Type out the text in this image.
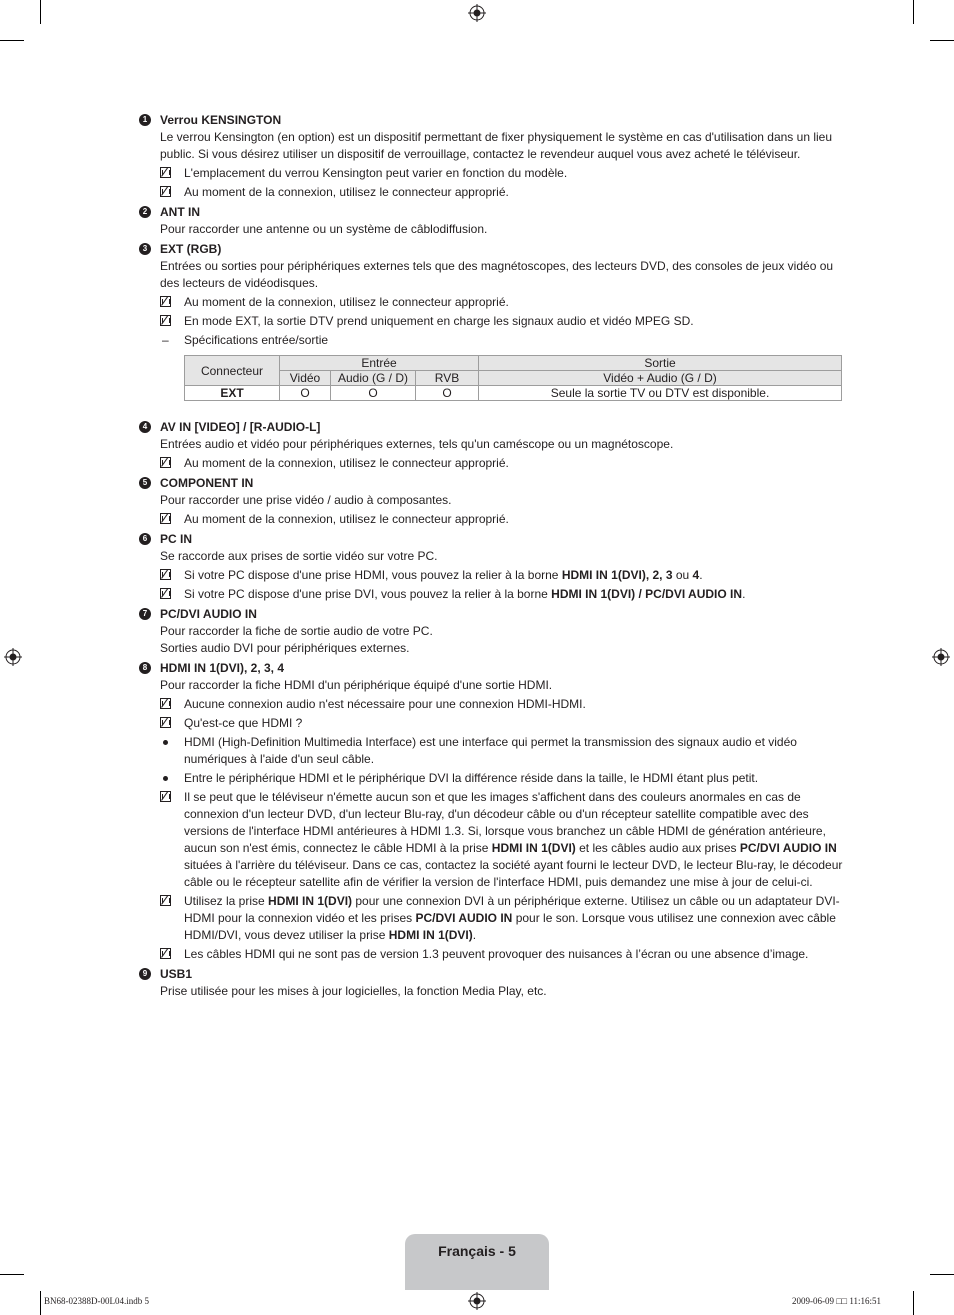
1	Verrou KENSINGTON

Le verrou Kensington (en option) est un dispositif permettant de fixer physiquement le système en cas d'utilisation dans un lieu public. Si vous désirez utiliser un dispositif de verrouillage, contactez le revendeur auquel vous avez acheté le téléviseur.

L'emplacement du verrou Kensington peut varier en fonction du modèle.
Au moment de la connexion, utilisez le connecteur approprié.
2	ANT IN

Pour raccorder une antenne ou un système de câblodiffusion.

3	EXT (RGB)

Entrées ou sorties pour périphériques externes tels que des magnétoscopes, des lecteurs DVD, des consoles de jeux vidéo ou des lecteurs de vidéodisques.

Au moment de la connexion, utilisez le connecteur approprié.
En mode EXT, la sortie DTV prend uniquement en charge les signaux audio et vidéo MPEG SD.
– Spécifications entrée/sortie
Connecteur	Entrée			Sortie
	Vidéo	Audio (G / D)	RVB	Vidéo + Audio (G / D)
EXT	O	O	O	Seule la sortie TV ou DTV est disponible.
4	AV IN [VIDEO] / [R-AUDIO-L]

Entrées audio et vidéo pour périphériques externes, tels qu'un caméscope ou un magnétoscope.

Au moment de la connexion, utilisez le connecteur approprié.
5	COMPONENT IN

Pour raccorder une prise vidéo / audio à composantes.

Au moment de la connexion, utilisez le connecteur approprié.
6	PC IN

Se raccorde aux prises de sortie vidéo sur votre PC.

Si votre PC dispose d'une prise HDMI, vous pouvez la relier à la borne HDMI IN 1(DVI), 2, 3 ou 4.
Si votre PC dispose d'une prise DVI, vous pouvez la relier à la borne HDMI IN 1(DVI) / PC/DVI AUDIO IN.
7	PC/DVI AUDIO IN

Pour raccorder la fiche de sortie audio de votre PC.

Sorties audio DVI pour périphériques externes.

8	HDMI IN 1(DVI), 2, 3, 4

Pour raccorder la fiche HDMI d'un périphérique équipé d'une sortie HDMI.

Aucune connexion audio n'est nécessaire pour une connexion HDMI-HDMI.
Qu'est-ce que HDMI ?
HDMI (High-Definition Multimedia Interface) est une interface qui permet la transmission des signaux audio et vidéo numériques à l'aide d'un seul câble.
Entre le périphérique HDMI et le périphérique DVI la différence réside dans la taille, le HDMI étant plus petit.
Il se peut que le téléviseur n'émette aucun son et que les images s'affichent dans des couleurs anormales en cas de connexion d'un lecteur DVD, d'un lecteur Blu-ray, d'un décodeur câble ou d'un récepteur satellite compatible avec des versions de l'interface HDMI antérieures à HDMI 1.3. Si, lorsque vous branchez un câble HDMI de génération antérieure, aucun son n'est émis, connectez le câble HDMI à la prise HDMI IN 1(DVI) et les câbles audio aux prises PC/DVI AUDIO IN situées à l'arrière du téléviseur. Dans ce cas, contactez la société ayant fourni le lecteur DVD, le lecteur Blu-ray, le décodeur câble ou le récepteur satellite afin de vérifier la version de l'interface HDMI, puis demandez une mise à jour de celui-ci.
Utilisez la prise HDMI IN 1(DVI) pour une connexion DVI à un périphérique externe. Utilisez un câble ou un adaptateur DVI-HDMI pour la connexion vidéo et les prises PC/DVI AUDIO IN pour le son. Lorsque vous utilisez une connexion avec câble HDMI/DVI, vous devez utiliser la prise HDMI IN 1(DVI).
Les câbles HDMI qui ne sont pas de version 1.3 peuvent provoquer des nuisances à l’écran ou une absence d’image.
9	USB1

Prise utilisée pour les mises à jour logicielles, la fonction Media Play, etc.

Français - 5
BN68-02388D-00L04.indb 5	2009-06-09 □□ 11:16:51
